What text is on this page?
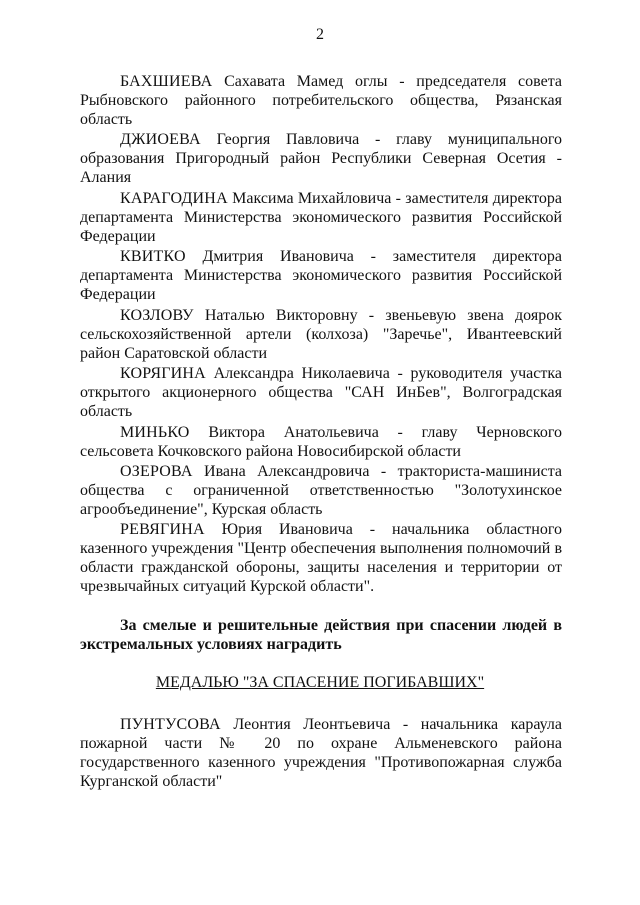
2
БАХШИЕВА Сахавата Мамед оглы - председателя совета Рыбновского районного потребительского общества, Рязанская область
ДЖИОЕВА Георгия Павловича - главу муниципального образования Пригородный район Республики Северная Осетия - Алания
КАРАГОДИНА Максима Михайловича - заместителя директора департамента Министерства экономического развития Российской Федерации
КВИТКО Дмитрия Ивановича - заместителя директора департамента Министерства экономического развития Российской Федерации
КОЗЛОВУ Наталью Викторовну - звеньевую звена доярок сельскохозяйственной артели (колхоза) "Заречье", Ивантеевский район Саратовской области
КОРЯГИНА Александра Николаевича - руководителя участка открытого акционерного общества "САН ИнБев", Волгоградская область
МИНЬКО Виктора Анатольевича - главу Черновского сельсовета Кочковского района Новосибирской области
ОЗЕРОВА Ивана Александровича - тракториста-машиниста общества с ограниченной ответственностью "Золотухинское агрообъединение", Курская область
РЕВЯГИНА Юрия Ивановича - начальника областного казенного учреждения "Центр обеспечения выполнения полномочий в области гражданской обороны, защиты населения и территории от чрезвычайных ситуаций Курской области".
За смелые и решительные действия при спасении людей в экстремальных условиях наградить
МЕДАЛЬЮ "ЗА СПАСЕНИЕ ПОГИБАВШИХ"
ПУНТУСОВА Леонтия Леонтьевича - начальника караула пожарной части № 20 по охране Альменевского района государственного казенного учреждения "Противопожарная служба Курганской области"
